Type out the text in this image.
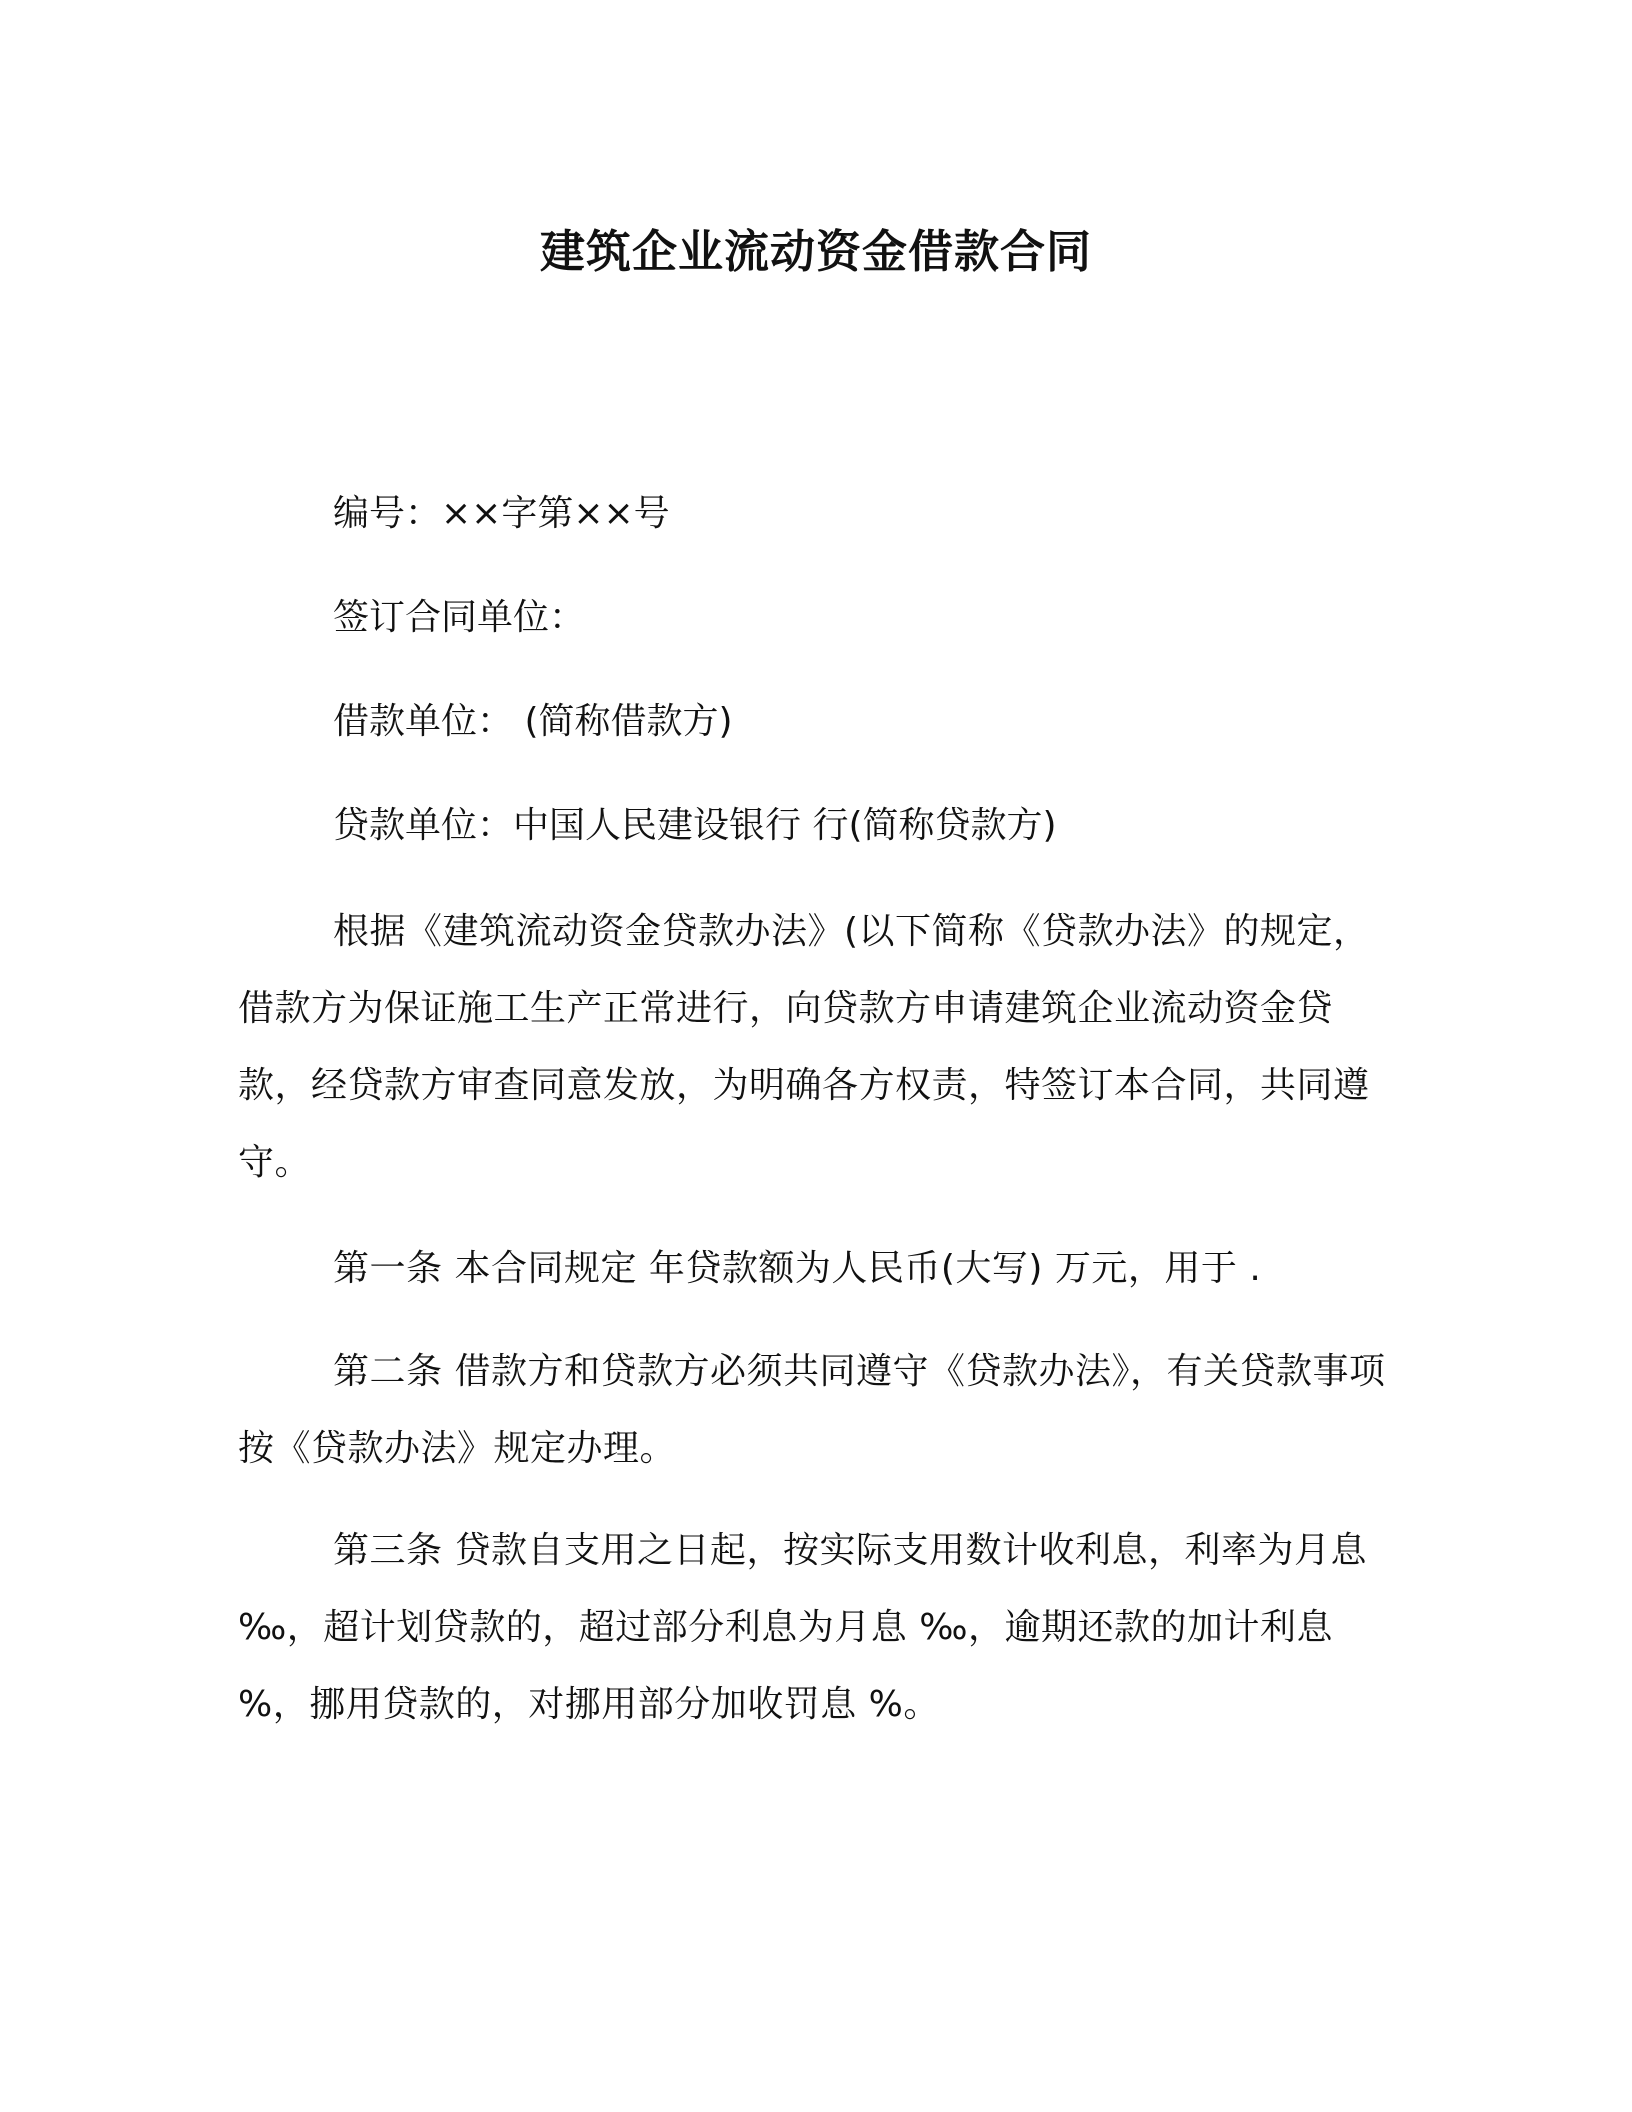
建筑企业流动资金借款合同
编号：××字第××号
签订合同单位：
借款单位： (简称借款方)
贷款单位：中国人民建设银行 行(简称贷款方)

根据《建筑流动资金贷款办法》(以下简称《贷款办法》的规定，借款方为保证施工生产正常进行，向贷款方申请建筑企业流动资金贷款，经贷款方审查同意发放，为明确各方权责，特签订本合同，共同遵守。

第一条 本合同规定 年贷款额为人民币(大写) 万元，用于 .

第二条 借款方和贷款方必须共同遵守《贷款办法》，有关贷款事项按《贷款办法》规定办理。

第三条 贷款自支用之日起，按实际支用数计收利息，利率为月息 ‰，超计划贷款的，超过部分利息为月息 ‰，逾期还款的加计利息 %，挪用贷款的，对挪用部分加收罚息 %。
